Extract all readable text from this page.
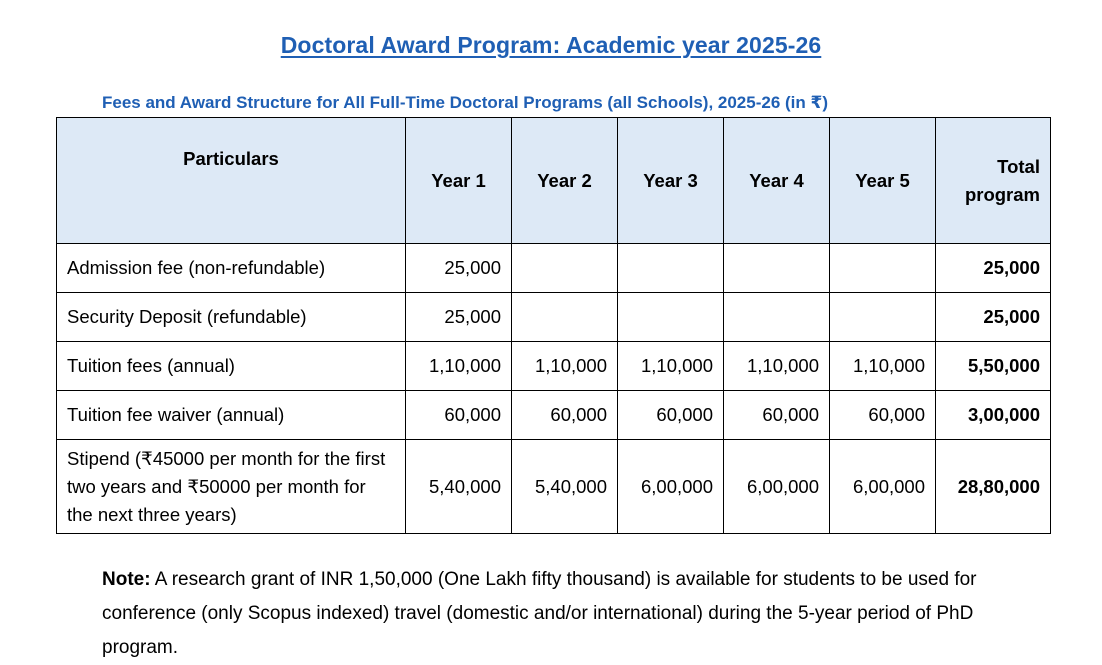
Doctoral Award Program: Academic year 2025-26
Fees and Award Structure for All Full-Time Doctoral Programs (all Schools), 2025-26 (in ₹)
Particulars	Year 1	Year 2	Year 3	Year 4	Year 5	Total program
Admission fee (non-refundable)	25,000					25,000
Security Deposit (refundable)	25,000					25,000
Tuition fees (annual)	1,10,000	1,10,000	1,10,000	1,10,000	1,10,000	5,50,000
Tuition fee waiver (annual)	60,000	60,000	60,000	60,000	60,000	3,00,000
Stipend (₹45000 per month for the first two years and ₹50000 per month for the next three years)	5,40,000	5,40,000	6,00,000	6,00,000	6,00,000	28,80,000
Note: A research grant of INR 1,50,000 (One Lakh fifty thousand) is available for students to be used for conference (only Scopus indexed) travel (domestic and/or international) during the 5-year period of PhD program.
